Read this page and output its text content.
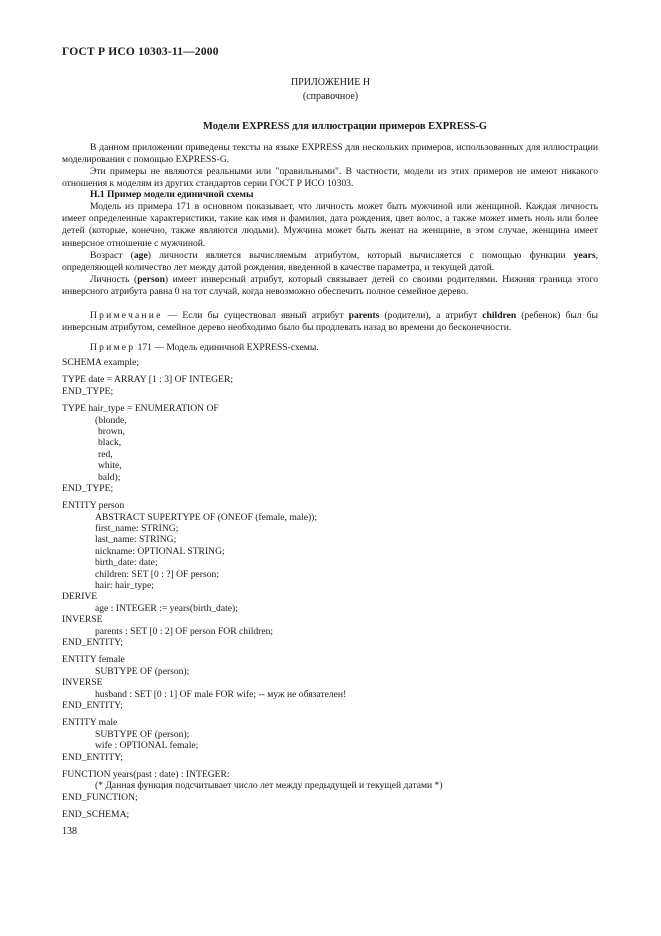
ГОСТ Р ИСО 10303-11—2000
ПРИЛОЖЕНИЕ Н
(справочное)
Модели EXPRESS для иллюстрации примеров EXPRESS-G

В данном приложении приведены тексты на языке EXPRESS для нескольких примеров, использованных для иллюстрации моделирования с помощью EXPRESS-G.

Эти примеры не являются реальными или "правильными". В частности, модели из этих примеров не имеют никакого отношения к моделям из других стандартов серии ГОСТ Р ИСО 10303.

Н.1 Пример модели единичной схемы

Модель из примера 171 в основном показывает, что личность может быть мужчиной или женщиной. Каждая личность имеет определенные характеристики, такие как имя и фамилия, дата рождения, цвет волос, а также может иметь ноль или более детей (которые, конечно, также являются людьми). Мужчина может быть женат на женщине, в этом случае, женщина имеет инверсное отношение с мужчиной.

Возраст (age) личности является вычисляемым атрибутом, который вычисляется с помощью функции years, определяющей количество лет между датой рождения, введенной в качестве параметра, и текущей датой.

Личность (person) имеет инверсный атрибут, который связывает детей со своими родителями. Нижняя граница этого инверсного атрибута равна 0 на тот случай, когда невозможно обеспечить полное семейное дерево.

Примечание — Если бы существовал явный атрибут parents (родители), а атрибут children (ребенок) был бы инверсным атрибутом, семейное дерево необходимо было бы продлевать назад во времени до бесконечности.

Пример 171 — Модель единичной EXPRESS-схемы.

SCHEMA example;
TYPE date = ARRAY [1 : 3] OF INTEGER;
END_TYPE;
TYPE hair_type = ENUMERATION OF
(blonde,
brown,
black,
red,
white,
bald);
END_TYPE;
ENTITY person
ABSTRACT SUPERTYPE OF (ONEOF (female, male));
first_name: STRING;
last_name: STRING;
nickname: OPTIONAL STRING;
birth_date: date;
children: SET [0 : ?] OF person;
hair: hair_type;
DERIVE
age : INTEGER := years(birth_date);
INVERSE
parents : SET [0 : 2] OF person FOR children;
END_ENTITY;
ENTITY female
SUBTYPE OF (person);
INVERSE
husband : SET [0 : 1] OF male FOR wife; -- муж не обязателен!
END_ENTITY;
ENTITY male
SUBTYPE OF (person);
wife : OPTIONAL female;
END_ENTITY;
FUNCTION years(past : date) : INTEGER:
(* Данная функция подсчитывает число лет между предыдущей и текущей датами *)
END_FUNCTION;
END_SCHEMA;
138
